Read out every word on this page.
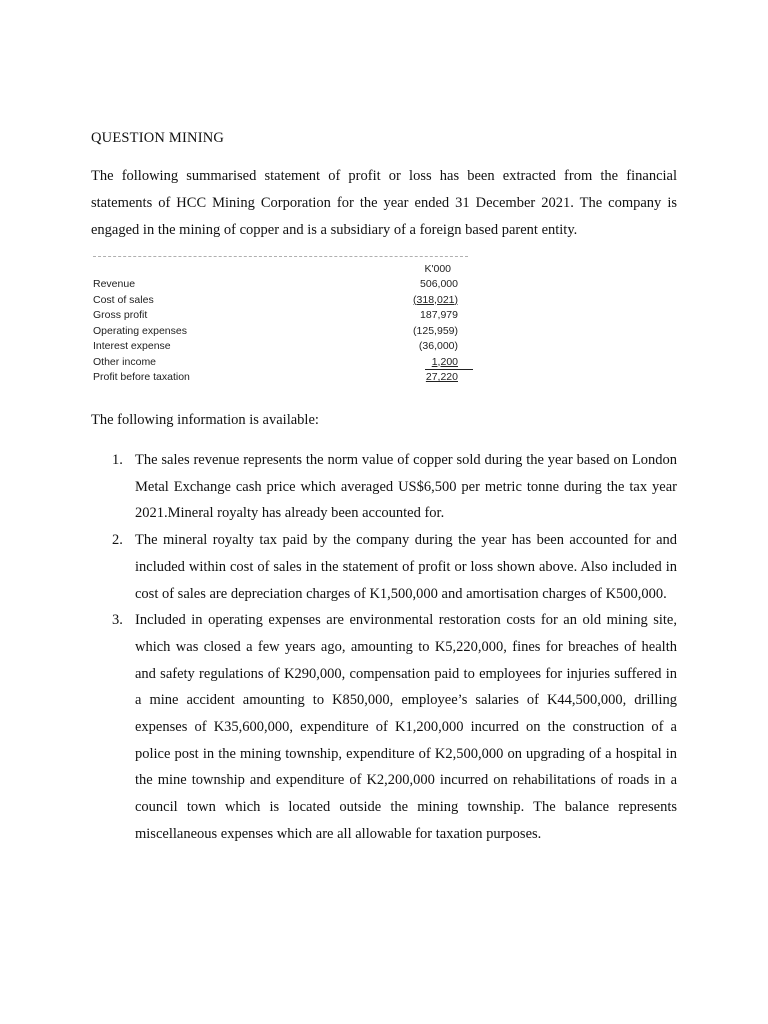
QUESTION MINING
The following summarised statement of profit or loss has been extracted from the financial statements of HCC Mining Corporation for the year ended 31 December 2021. The company is engaged in the mining of copper and is a subsidiary of a foreign based parent entity.
K'000
Revenue	506,000
Cost of sales	(318,021)
Gross profit	187,979
Operating expenses	(125,959)
Interest expense	(36,000)
Other income	1,200
Profit before taxation	27,220
The following information is available:
1. The sales revenue represents the norm value of copper sold during the year based on London Metal Exchange cash price which averaged US$6,500 per metric tonne during the tax year 2021.Mineral royalty has already been accounted for.
2. The mineral royalty tax paid by the company during the year has been accounted for and included within cost of sales in the statement of profit or loss shown above. Also included in cost of sales are depreciation charges of K1,500,000 and amortisation charges of K500,000.
3. Included in operating expenses are environmental restoration costs for an old mining site, which was closed a few years ago, amounting to K5,220,000, fines for breaches of health and safety regulations of K290,000, compensation paid to employees for injuries suffered in a mine accident amounting to K850,000, employee’s salaries of K44,500,000, drilling expenses of K35,600,000, expenditure of K1,200,000 incurred on the construction of a police post in the mining township, expenditure of K2,500,000 on upgrading of a hospital in the mine township and expenditure of K2,200,000 incurred on rehabilitations of roads in a council town which is located outside the mining township. The balance represents miscellaneous expenses which are all allowable for taxation purposes.
